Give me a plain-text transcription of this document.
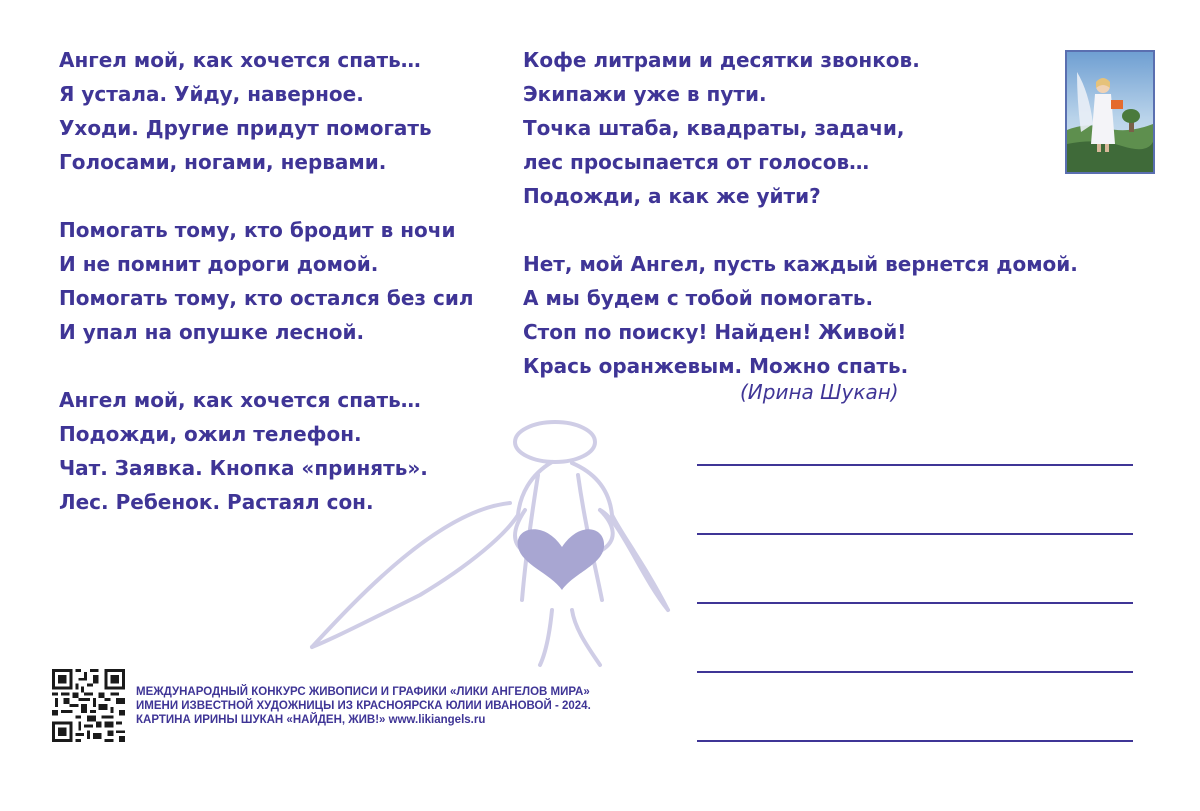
Ангел мой, как хочется спать…
Я устала. Уйду, наверное.
Уходи. Другие придут помогать
Голосами, ногами, нервами.
Помогать тому, кто бродит в ночи
И не помнит дороги домой.
Помогать тому, кто остался без сил
И упал на опушке лесной.
Ангел мой, как хочется спать…
Подожди, ожил телефон.
Чат. Заявка. Кнопка «принять».
Лес. Ребенок. Растаял сон.
Кофе литрами и десятки звонков.
Экипажи уже в пути.
Точка штаба, квадраты, задачи,
лес просыпается от голосов…
Подожди, а как же уйти?
Нет, мой Ангел, пусть каждый вернется домой.
А мы будем с тобой помогать.
Стоп по поиску! Найден! Живой!
Крась оранжевым. Можно спать.
(Ирина Шукан)
МЕЖДУНАРОДНЫЙ КОНКУРС ЖИВОПИСИ И ГРАФИКИ «ЛИКИ АНГЕЛОВ МИРА»
ИМЕНИ ИЗВЕСТНОЙ ХУДОЖНИЦЫ ИЗ КРАСНОЯРСКА ЮЛИИ ИВАНОВОЙ - 2024.
КАРТИНА ИРИНЫ ШУКАН «НАЙДЕН, ЖИВ!» www.likiangels.ru
